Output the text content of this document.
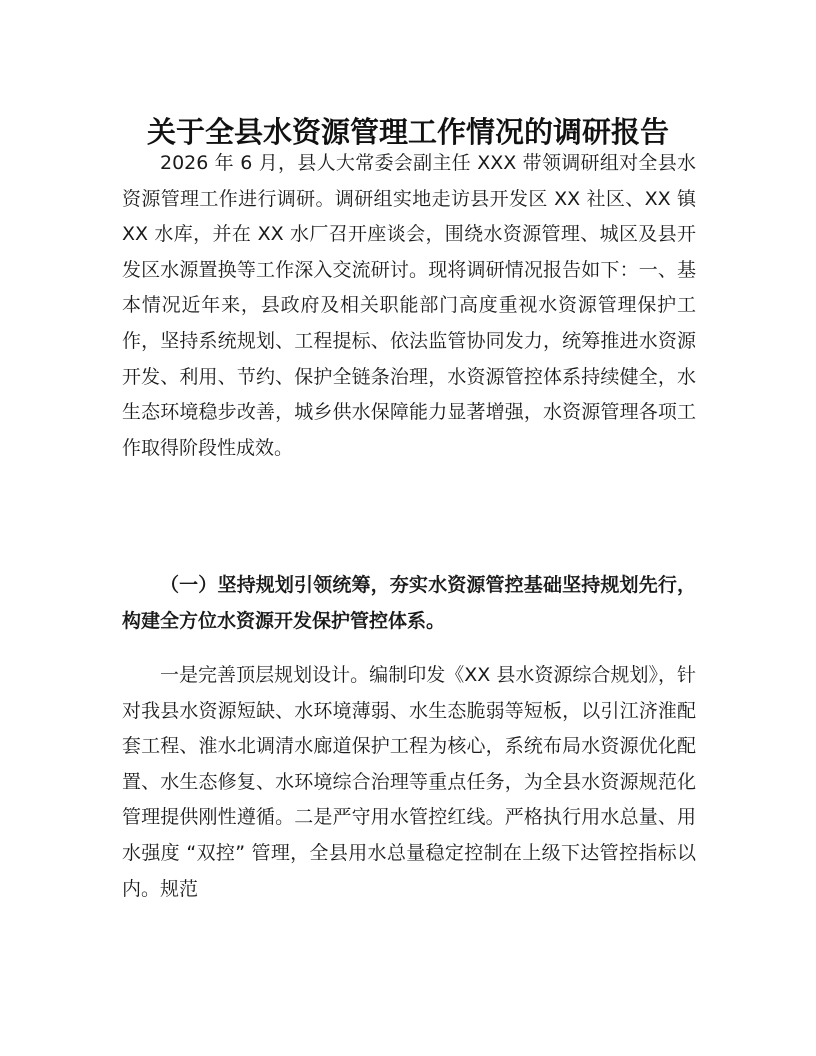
关于全县水资源管理工作情况的调研报告

2026 年 6 月，县人大常委会副主任 XXX 带领调研组对全县水资源管理工作进行调研。调研组实地走访县开发区 XX 社区、XX 镇 XX 水库，并在 XX 水厂召开座谈会，围绕水资源管理、城区及县开发区水源置换等工作深入交流研讨。现将调研情况报告如下：一、基本情况近年来，县政府及相关职能部门高度重视水资源管理保护工作，坚持系统规划、工程提标、依法监管协同发力，统筹推进水资源开发、利用、节约、保护全链条治理，水资源管控体系持续健全，水生态环境稳步改善，城乡供水保障能力显著增强，水资源管理各项工作取得阶段性成效。

（一）坚持规划引领统筹，夯实水资源管控基础坚持规划先行，构建全方位水资源开发保护管控体系。

一是完善顶层规划设计。编制印发《XX 县水资源综合规划》，针对我县水资源短缺、水环境薄弱、水生态脆弱等短板，以引江济淮配套工程、淮水北调清水廊道保护工程为核心，系统布局水资源优化配置、水生态修复、水环境综合治理等重点任务，为全县水资源规范化管理提供刚性遵循。二是严守用水管控红线。严格执行用水总量、用水强度 “双控” 管理，全县用水总量稳定控制在上级下达管控指标以内。规范
